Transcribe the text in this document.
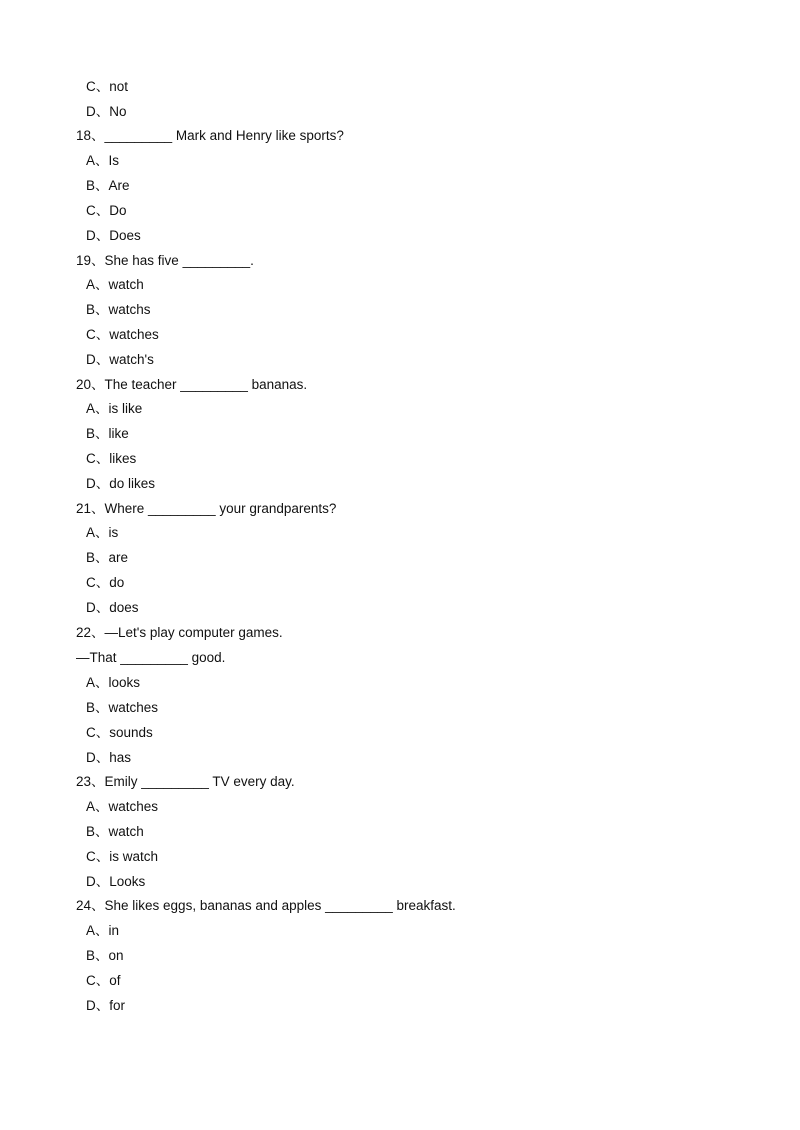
C、not
D、No
18、_________ Mark and Henry like sports?
A、Is
B、Are
C、Do
D、Does
19、She has five _________.
A、watch
B、watchs
C、watches
D、watch's
20、The teacher _________ bananas.
A、is like
B、like
C、likes
D、do likes
21、Where _________ your grandparents?
A、is
B、are
C、do
D、does
22、—Let's play computer games.
—That _________ good.
A、looks
B、watches
C、sounds
D、has
23、Emily _________ TV every day.
A、watches
B、watch
C、is watch
D、Looks
24、She likes eggs, bananas and apples _________ breakfast.
A、in
B、on
C、of
D、for
